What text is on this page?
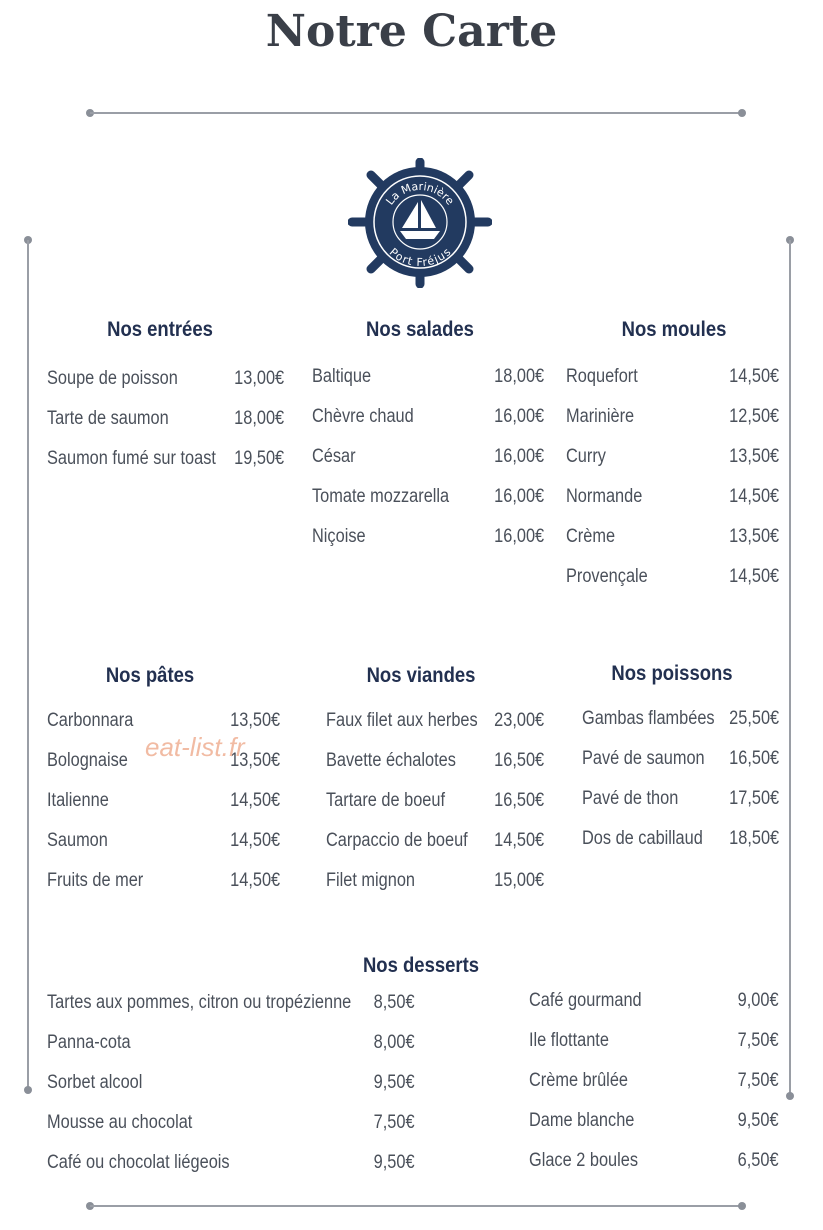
Notre Carte
La Marinière
Port Fréjus
Nos entrées
Soupe de poisson	13,00€
Tarte de saumon	18,00€
Saumon fumé sur toast 19,50€
Nos salades
Baltique	18,00€
Chèvre chaud	16,00€
César	16,00€
Tomate mozzarella 16,00€
Niçoise	16,00€
Nos moules
Roquefort	14,50€
Marinière	12,50€
Curry	13,50€
Normande	14,50€
Crème	13,50€
Provençale	14,50€
Nos pâtes
Carbonnara	13,50€
Bolognaise	13,50€
Italienne	14,50€
Saumon	14,50€
Fruits de mer	14,50€
Nos viandes
Faux filet aux herbes 23,00€
Bavette échalotes 16,50€
Tartare de boeuf	16,50€
Carpaccio de boeuf 14,50€
Filet mignon	15,00€
Nos poissons
Gambas flambées 25,50€
Pavé de saumon 16,50€
Pavé de thon	17,50€
Dos de cabillaud 18,50€
Nos desserts
Tartes aux pommes, citron ou tropézienne 8,50€
Panna-cota	8,00€
Sorbet alcool	9,50€
Mousse au chocolat	7,50€
Café ou chocolat liégeois	9,50€
Café gourmand	9,00€
Ile flottante	7,50€
Crème brûlée	7,50€
Dame blanche	9,50€
Glace 2 boules	6,50€
eat-list.fr
